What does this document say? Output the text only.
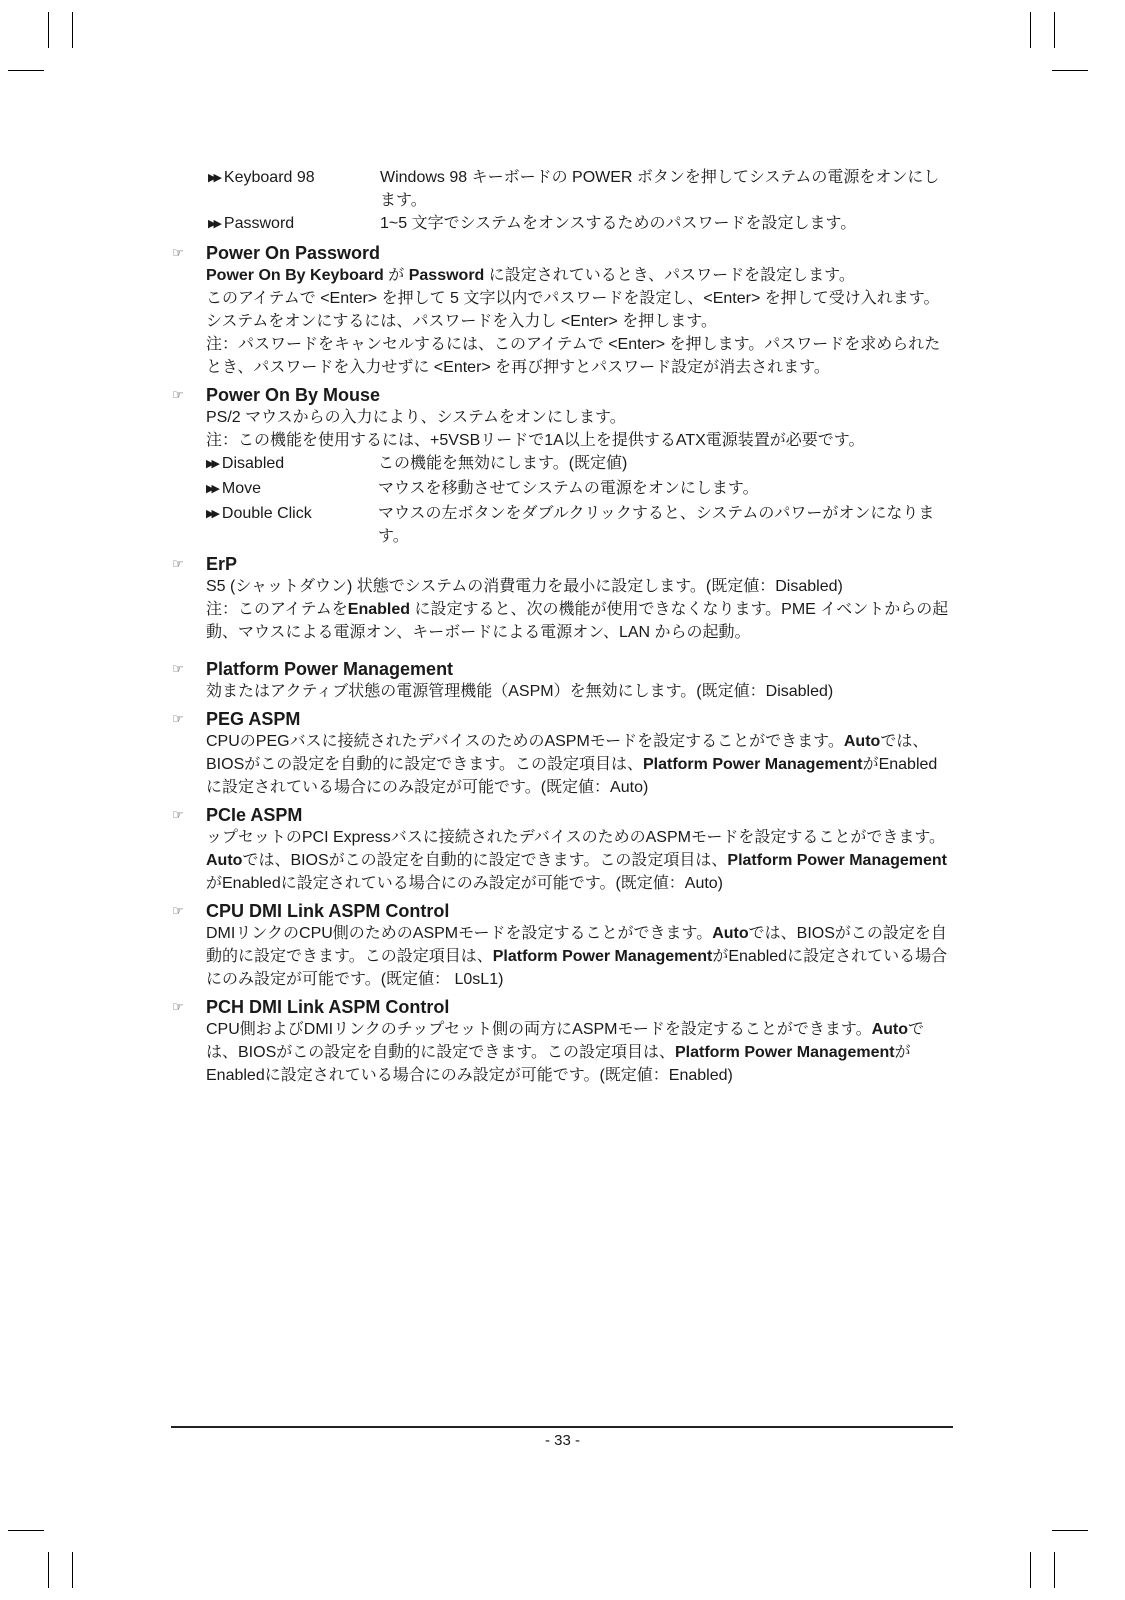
▶▶ Keyboard 98	Windows 98 キーボードの POWER ボタンを押してシステムの電源をオンにします。
▶▶ Password	1~5 文字でシステムをオンスするためのパスワードを設定します。
☞	Power On Password
Power On By Keyboard が Password に設定されているとき、パスワードを設定します。
このアイテムで <Enter> を押して 5 文字以内でパスワードを設定し、<Enter> を押して受け入れます。システムをオンにするには、パスワードを入力し <Enter> を押します。
注：パスワードをキャンセルするには、このアイテムで <Enter> を押します。パスワードを求められたとき、パスワードを入力せずに <Enter> を再び押すとパスワード設定が消去されます。
☞	Power On By Mouse
PS/2 マウスからの入力により、システムをオンにします。
注：この機能を使用するには、+5VSBリードで1A以上を提供するATX電源装置が必要です。
▶▶ Disabled	この機能を無効にします。(既定値)
▶▶ Move	マウスを移動させてシステムの電源をオンにします。
▶▶ Double Click	マウスの左ボタンをダブルクリックすると、システムのパワーがオンになります。
☞	ErP
S5 (シャットダウン) 状態でシステムの消費電力を最小に設定します。(既定値：Disabled)
注：このアイテムをEnabled に設定すると、次の機能が使用できなくなります。PME イベントからの起動、マウスによる電源オン、キーボードによる電源オン、LAN からの起動。
☞	Platform Power Management
効またはアクティブ状態の電源管理機能（ASPM）を無効にします。(既定値：Disabled)
☞	PEG ASPM
CPUのPEGバスに接続されたデバイスのためのASPMモードを設定することができます。Autoでは、BIOSがこの設定を自動的に設定できます。この設定項目は、Platform Power ManagementがEnabledに設定されている場合にのみ設定が可能です。(既定値：Auto)
☞	PCIe ASPM
ップセットのPCI Expressバスに接続されたデバイスのためのASPMモードを設定することができます。Autoでは、BIOSがこの設定を自動的に設定できます。この設定項目は、Platform Power ManagementがEnabledに設定されている場合にのみ設定が可能です。(既定値：Auto)
☞	CPU DMI Link ASPM Control
DMIリンクのCPU側のためのASPMモードを設定することができます。Autoでは、BIOSがこの設定を自動的に設定できます。この設定項目は、Platform Power ManagementがEnabledに設定されている場合にのみ設定が可能です。(既定値： L0sL1)
☞	PCH DMI Link ASPM Control
CPU側およびDMIリンクのチップセット側の両方にASPMモードを設定することができます。Autoでは、BIOSがこの設定を自動的に設定できます。この設定項目は、Platform Power ManagementがEnabledに設定されている場合にのみ設定が可能です。(既定値：Enabled)
- 33 -
